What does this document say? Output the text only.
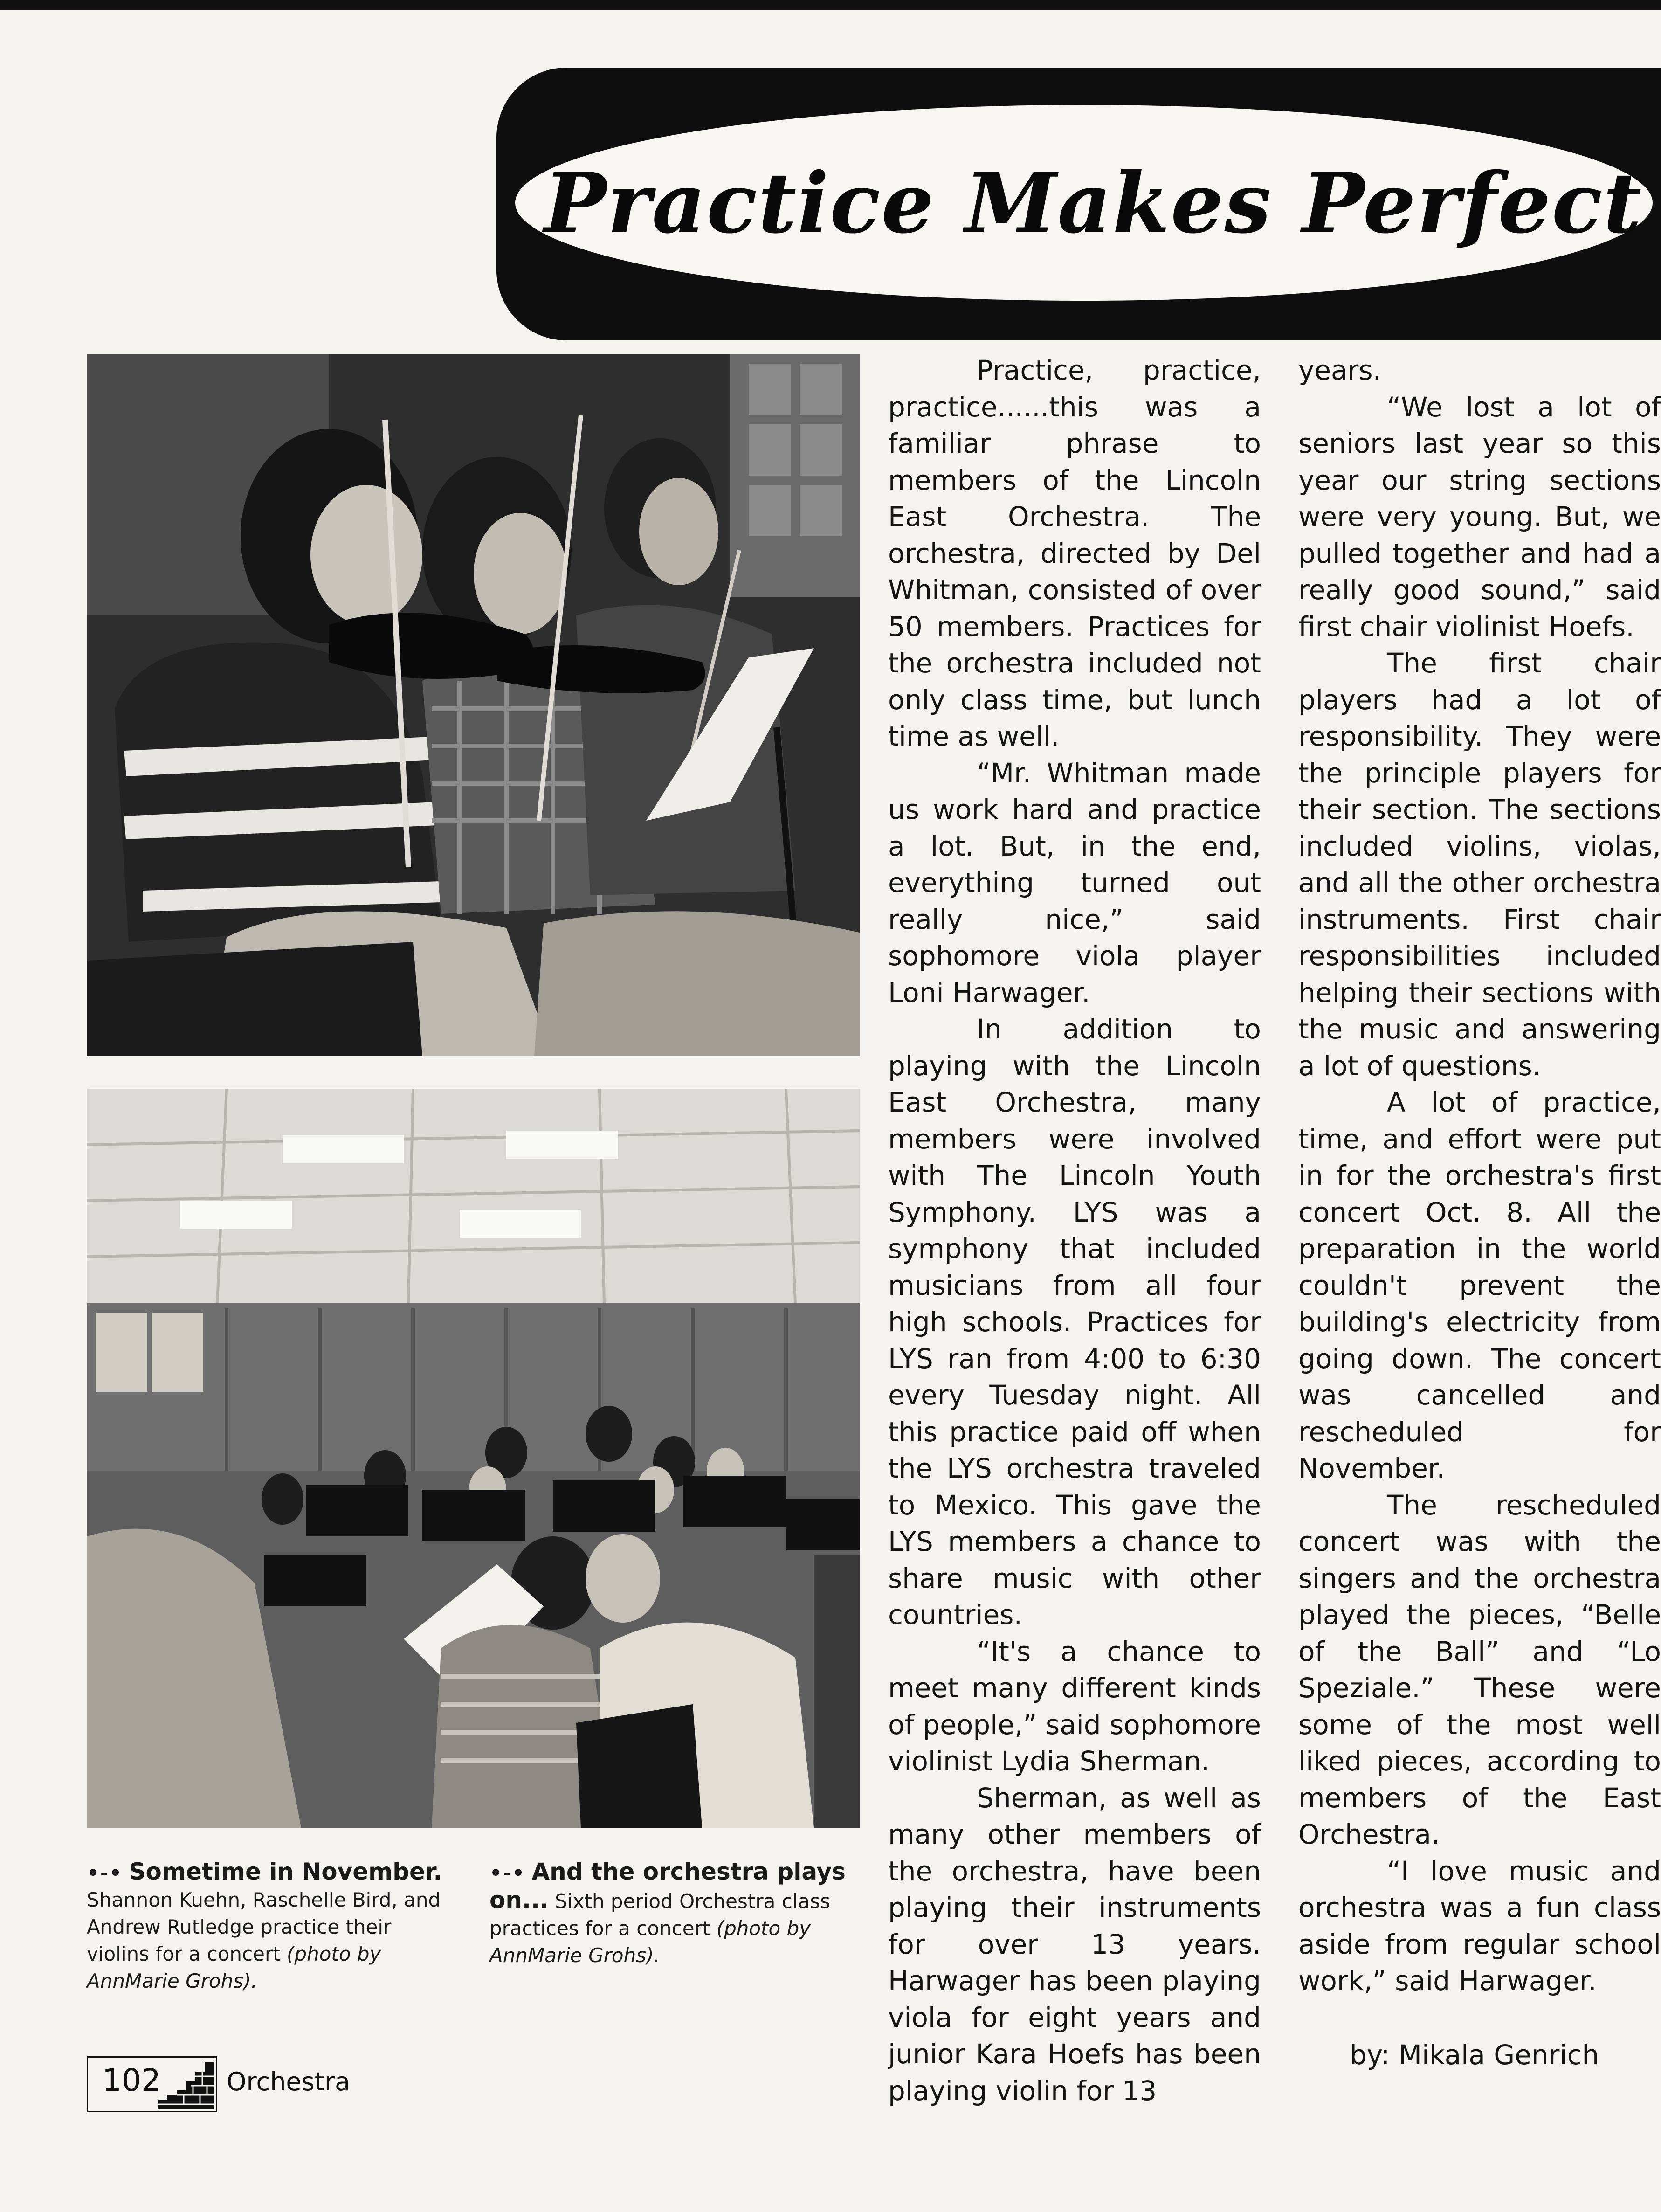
Practice Makes Perfect
•-• Sometime in November. Shannon Kuehn, Raschelle Bird, and Andrew Rutledge practice their violins for a concert (photo by AnnMarie Grohs).
•-• And the orchestra plays on... Sixth period Orchestra class practices for a concert (photo by AnnMarie Grohs).

Practice, practice, practice......this was a familiar phrase to members of the Lincoln East Orchestra. The orchestra, directed by Del Whitman, consisted of over 50 members. Practices for the orchestra included not only class time, but lunch time as well.

“Mr. Whitman made us work hard and practice a lot. But, in the end, everything turned out really nice,” said sophomore viola player Loni Harwager.

In addition to playing with the Lincoln East Orchestra, many members were involved with The Lincoln Youth Symphony. LYS was a symphony that included musicians from all four high schools. Practices for LYS ran from 4:00 to 6:30 every Tuesday night. All this practice paid off when the LYS orchestra traveled to Mexico. This gave the LYS members a chance to share music with other countries.

“It's a chance to meet many different kinds of people,” said sophomore violinist Lydia Sherman.

Sherman, as well as many other members of the orchestra, have been playing their instruments for over 13 years. Harwager has been playing viola for eight years and junior Kara Hoefs has been playing violin for 13

years.

“We lost a lot of seniors last year so this year our string sections were very young. But, we pulled together and had a really good sound,” said first chair violinist Hoefs.

The first chair players had a lot of responsibility. They were the principle players for their section. The sections included violins, violas, and all the other orchestra instruments. First chair responsibilities included helping their sections with the music and answering a lot of questions.

A lot of practice, time, and effort were put in for the orchestra's first concert Oct. 8. All the preparation in the world couldn't prevent the building's electricity from going down. The concert was cancelled and rescheduled for November.

The rescheduled concert was with the singers and the orchestra played the pieces, “Belle of the Ball” and “Lo Speziale.” These were some of the most well liked pieces, according to members of the East Orchestra.

“I love music and orchestra was a fun class aside from regular school work,” said Harwager.

by: Mikala Genrich

102	Orchestra
